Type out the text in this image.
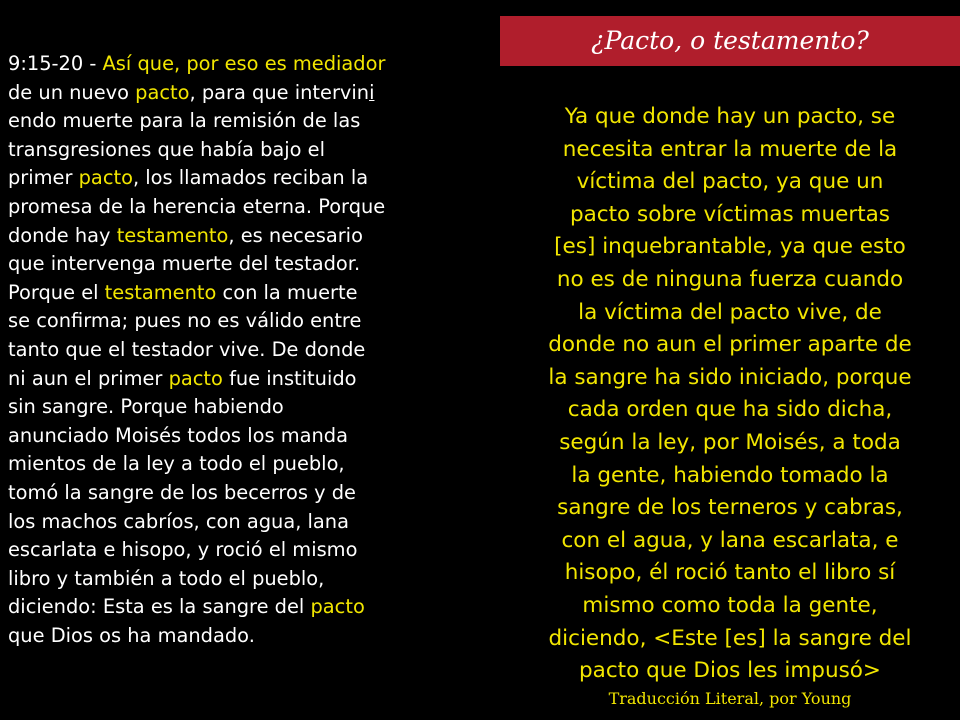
¿Pacto, o testamento?
9:15-20 - Así que, por eso es mediador
de un nuevo pacto, para que intervini
endo muerte para la remisión de las
transgresiones que había bajo el
primer pacto, los llamados reciban la
promesa de la herencia eterna. Porque
donde hay testamento, es necesario
que intervenga muerte del testador.
Porque el testamento con la muerte
se confirma; pues no es válido entre
tanto que el testador vive. De donde
ni aun el primer pacto fue instituido
sin sangre. Porque habiendo
anunciado Moisés todos los manda
mientos de la ley a todo el pueblo,
tomó la sangre de los becerros y de
los machos cabríos, con agua, lana
escarlata e hisopo, y roció el mismo
libro y también a todo el pueblo,
diciendo: Esta es la sangre del pacto
que Dios os ha mandado.
Ya que donde hay un pacto, se
necesita entrar la muerte de la
víctima del pacto, ya que un
pacto sobre víctimas muertas
[es] inquebrantable, ya que esto
no es de ninguna fuerza cuando
la víctima del pacto vive, de
donde no aun el primer aparte de
la sangre ha sido iniciado, porque
cada orden que ha sido dicha,
según la ley, por Moisés, a toda
la gente, habiendo tomado la
sangre de los terneros y cabras,
con el agua, y lana escarlata, e
hisopo, él roció tanto el libro sí
mismo como toda la gente,
diciendo, <Este [es] la sangre del
pacto que Dios les impusó>
Traducción Literal, por Young
